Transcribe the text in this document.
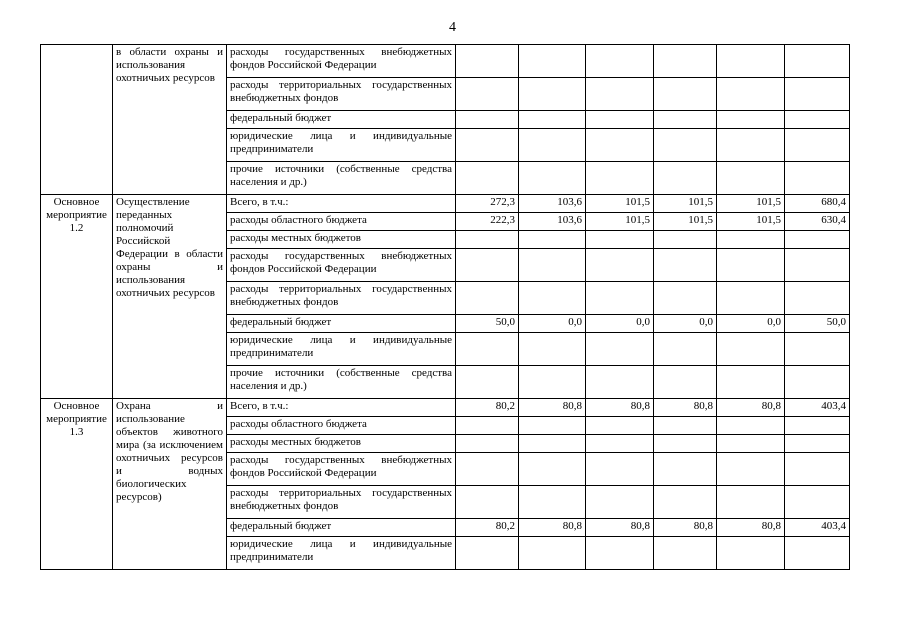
4
	в области охраны и использования охотничьих ресурсов	расходы государственных внебюджетных фондов Российской Федерации						
		расходы территориальных государственных внебюджетных фондов						
		федеральный бюджет						
		юридические лица и индивидуальные предприниматели						
		прочие источники (собственные средства населения и др.)						
Основное мероприятие 1.2	Осуществление переданных полномочий Российской Федерации в области охраны и использования охотничьих ресурсов	Всего, в т.ч.:	272,3	103,6	101,5	101,5	101,5	680,4
		расходы областного бюджета	222,3	103,6	101,5	101,5	101,5	630,4
		расходы местных бюджетов						
		расходы государственных внебюджетных фондов Российской Федерации						
		расходы территориальных государственных внебюджетных фондов						
		федеральный бюджет	50,0	0,0	0,0	0,0	0,0	50,0
		юридические лица и индивидуальные предприниматели						
		прочие источники (собственные средства населения и др.)						
Основное мероприятие 1.3	Охрана и использование объектов животного мира (за исключением охотничьих ресурсов и водных биологических ресурсов)	Всего, в т.ч.:	80,2	80,8	80,8	80,8	80,8	403,4
		расходы областного бюджета						
		расходы местных бюджетов						
		расходы государственных внебюджетных фондов Российской Федерации						
		расходы территориальных государственных внебюджетных фондов						
		федеральный бюджет	80,2	80,8	80,8	80,8	80,8	403,4
		юридические лица и индивидуальные предприниматели						
